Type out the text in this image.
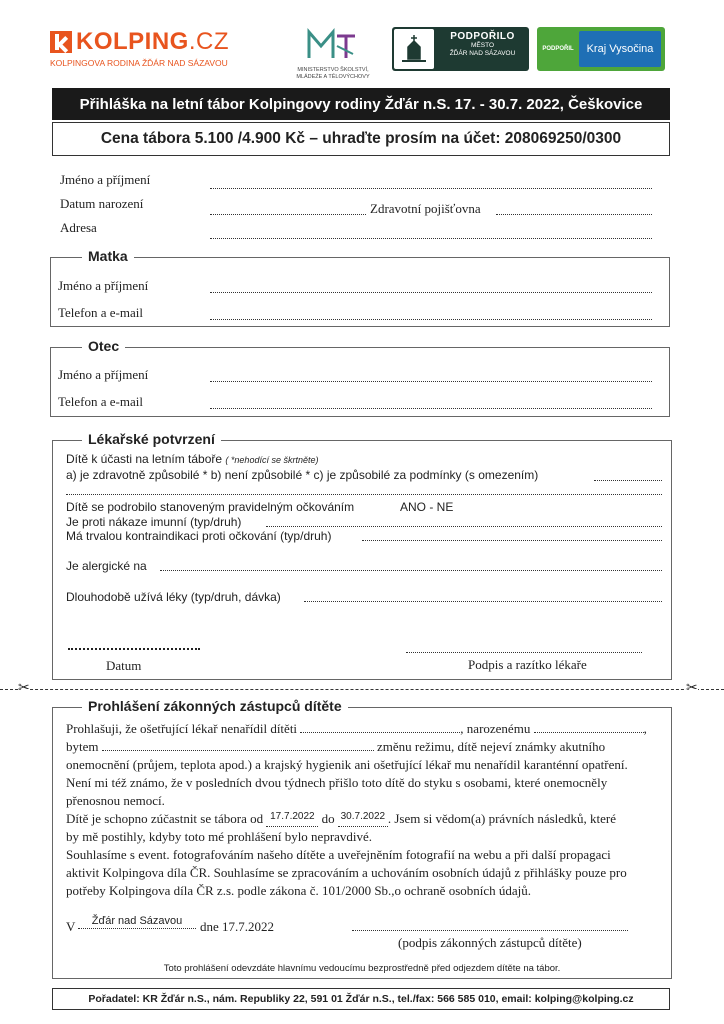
KOLPING.CZ
KOLPINGOVA RODINA ŽĎÁR NAD SÁZAVOU
MINISTERSTVO ŠKOLSTVÍ,
MLÁDEŽE A TĚLOVÝCHOVY
PODPOŘILO
MĚSTO
ŽĎÁR NAD SÁZAVOU
PODPOŘIL	Kraj Vysočina
Přihláška na letní tábor Kolpingovy rodiny Žďár n.S. 17. - 30.7. 2022, Češkovice
Cena tábora 5.100 /4.900 Kč – uhraďte prosím na účet: 208069250/0300
Jméno a příjmení
Datum narození	Zdravotní pojišťovna
Adresa
Matka
Jméno a příjmení
Telefon a e-mail
Otec
Jméno a příjmení
Telefon a e-mail
Lékařské potvrzení
Dítě k účasti na letním táboře ( *nehodící se škrtněte)
a) je zdravotně způsobilé * b) není způsobilé * c) je způsobilé za podmínky (s omezením)
Dítě se podrobilo stanoveným pravidelným očkováním	ANO - NE
Je proti nákaze imunní (typ/druh)
Má trvalou kontraindikaci proti očkování (typ/druh)
Je alergické na
Dlouhodobě užívá léky (typ/druh, dávka)
Datum	Podpis a razítko lékaře
✂	✂
Prohlášení zákonných zástupců dítěte
Prohlašuji, že ošetřující lékař nenařídil dítěti	, narozenému	,
bytem	změnu režimu, dítě nejeví známky akutního
onemocnění (průjem, teplota apod.) a krajský hygienik ani ošetřující lékař mu nenařídil karanténní opatření.
Není mi též známo, že v posledních dvou týdnech přišlo toto dítě do styku s osobami, které onemocněly
přenosnou nemocí.
Dítě je schopno zúčastnit se tábora od 17.7.2022 do 30.7.2022 . Jsem si vědom(a) právních následků, které
by mě postihly, kdyby toto mé prohlášení bylo nepravdivé.
Souhlasíme s event. fotografováním našeho dítěte a uveřejněním fotografií na webu a při další propagaci
aktivit Kolpingova díla ČR. Souhlasíme se zpracováním a uchováním osobních údajů z přihlášky pouze pro
potřeby Kolpingova díla ČR z.s. podle zákona č. 101/2000 Sb.,o ochraně osobních údajů.
V	Žďár nad Sázavou	dne 17.7.2022
(podpis zákonných zástupců dítěte)
Toto prohlášení odevzdáte hlavnímu vedoucímu bezprostředně před odjezdem dítěte na tábor.
Pořadatel: KR Žďár n.S., nám. Republiky 22, 591 01 Žďár n.S., tel./fax: 566 585 010, email: kolping@kolping.cz
